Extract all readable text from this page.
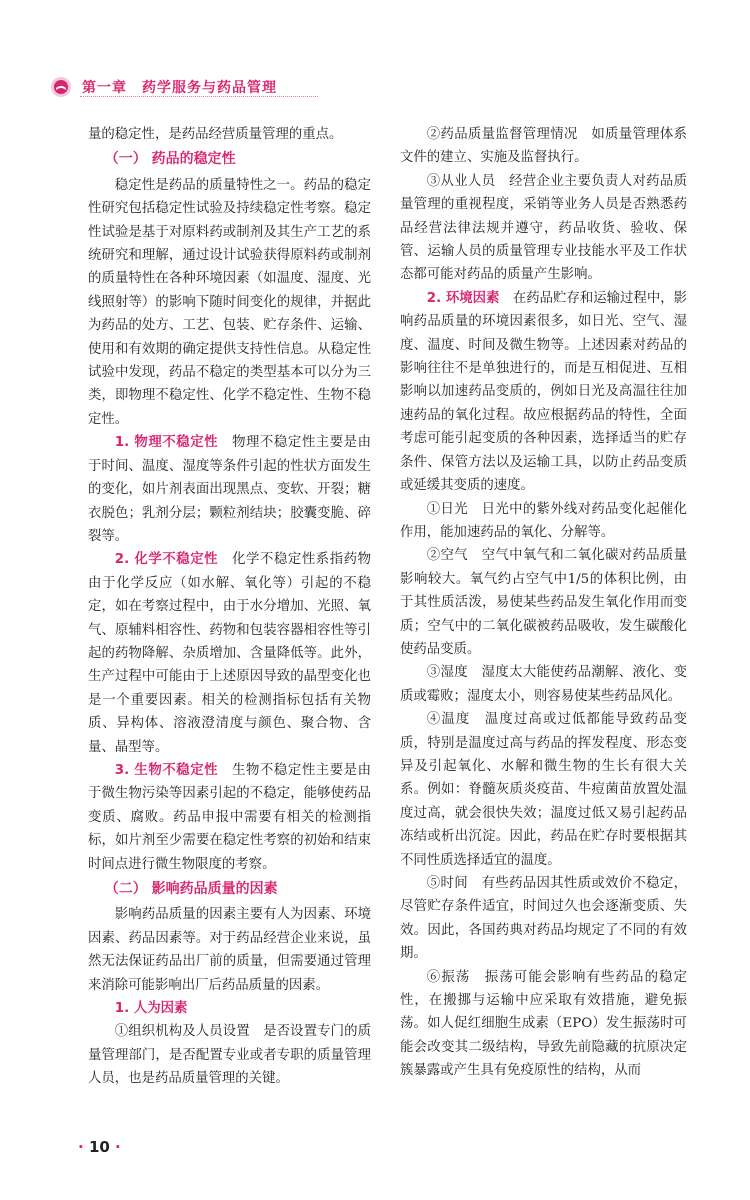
第一章　 药学服务与药品管理

量的稳定性，是药品经营质量管理的重点。

（一） 药品的稳定性

稳定性是药品的质量特性之一。药品的稳定性研究包括稳定性试验及持续稳定性考察。稳定性试验是基于对原料药或制剂及其生产工艺的系统研究和理解，通过设计试验获得原料药或制剂的质量特性在各种环境因素（如温度、湿度、光线照射等）的影响下随时间变化的规律，并据此为药品的处方、工艺、包装、贮存条件、运输、使用和有效期的确定提供支持性信息。从稳定性试验中发现，药品不稳定的类型基本可以分为三类，即物理不稳定性、化学不稳定性、生物不稳定性。

1. 物理不稳定性　 物理不稳定性主要是由于时间、温度、湿度等条件引起的性状方面发生的变化，如片剂表面出现黑点、变软、开裂；糖衣脱色；乳剂分层；颗粒剂结块；胶囊变脆、碎裂等。

2. 化学不稳定性　 化学不稳定性系指药物由于化学反应（如水解、氧化等）引起的不稳定，如在考察过程中，由于水分增加、光照、氧气、原辅料相容性、药物和包装容器相容性等引起的药物降解、杂质增加、含量降低等。此外，生产过程中可能由于上述原因导致的晶型变化也是一个重要因素。相关的检测指标包括有关物质、异构体、溶液澄清度与颜色、聚合物、含量、晶型等。

3. 生物不稳定性　 生物不稳定性主要是由于微生物污染等因素引起的不稳定，能够使药品变质、腐败。药品申报中需要有相关的检测指标，如片剂至少需要在稳定性考察的初始和结束时间点进行微生物限度的考察。

（二） 影响药品质量的因素

影响药品质量的因素主要有人为因素、环境因素、药品因素等。对于药品经营企业来说，虽然无法保证药品出厂前的质量，但需要通过管理来消除可能影响出厂后药品质量的因素。

1. 人为因素

①组织机构及人员设置　是否设置专门的质量管理部门，是否配置专业或者专职的质量管理人员，也是药品质量管理的关键。

②药品质量监督管理情况　如质量管理体系文件的建立、实施及监督执行。

③从业人员　经营企业主要负责人对药品质量管理的重视程度，采销等业务人员是否熟悉药品经营法律法规并遵守，药品收货、验收、保管、运输人员的质量管理专业技能水平及工作状态都可能对药品的质量产生影响。

2. 环境因素　 在药品贮存和运输过程中，影响药品质量的环境因素很多，如日光、空气、湿度、温度、时间及微生物等。上述因素对药品的影响往往不是单独进行的，而是互相促进、互相影响以加速药品变质的，例如日光及高温往往加速药品的氧化过程。故应根据药品的特性，全面考虑可能引起变质的各种因素，选择适当的贮存条件、保管方法以及运输工具，以防止药品变质或延缓其变质的速度。

①日光　日光中的紫外线对药品变化起催化作用，能加速药品的氧化、分解等。

②空气　空气中氧气和二氧化碳对药品质量影响较大。氧气约占空气中1/5的体积比例，由于其性质活泼，易使某些药品发生氧化作用而变质；空气中的二氧化碳被药品吸收，发生碳酸化使药品变质。

③湿度　湿度太大能使药品潮解、液化、变质或霉败；湿度太小，则容易使某些药品风化。

④温度　温度过高或过低都能导致药品变质，特别是温度过高与药品的挥发程度、形态变异及引起氧化、水解和微生物的生长有很大关系。例如：脊髓灰质炎疫苗、牛痘菌苗放置处温度过高，就会很快失效；温度过低又易引起药品冻结或析出沉淀。因此，药品在贮存时要根据其不同性质选择适宜的温度。

⑤时间　有些药品因其性质或效价不稳定，尽管贮存条件适宜，时间过久也会逐渐变质、失效。因此，各国药典对药品均规定了不同的有效期。

⑥振荡　振荡可能会影响有些药品的稳定性，在搬挪与运输中应采取有效措施，避免振荡。如人促红细胞生成素（EPO）发生振荡时可能会改变其二级结构，导致先前隐藏的抗原决定簇暴露或产生具有免疫原性的结构，从而

· 10 ·
